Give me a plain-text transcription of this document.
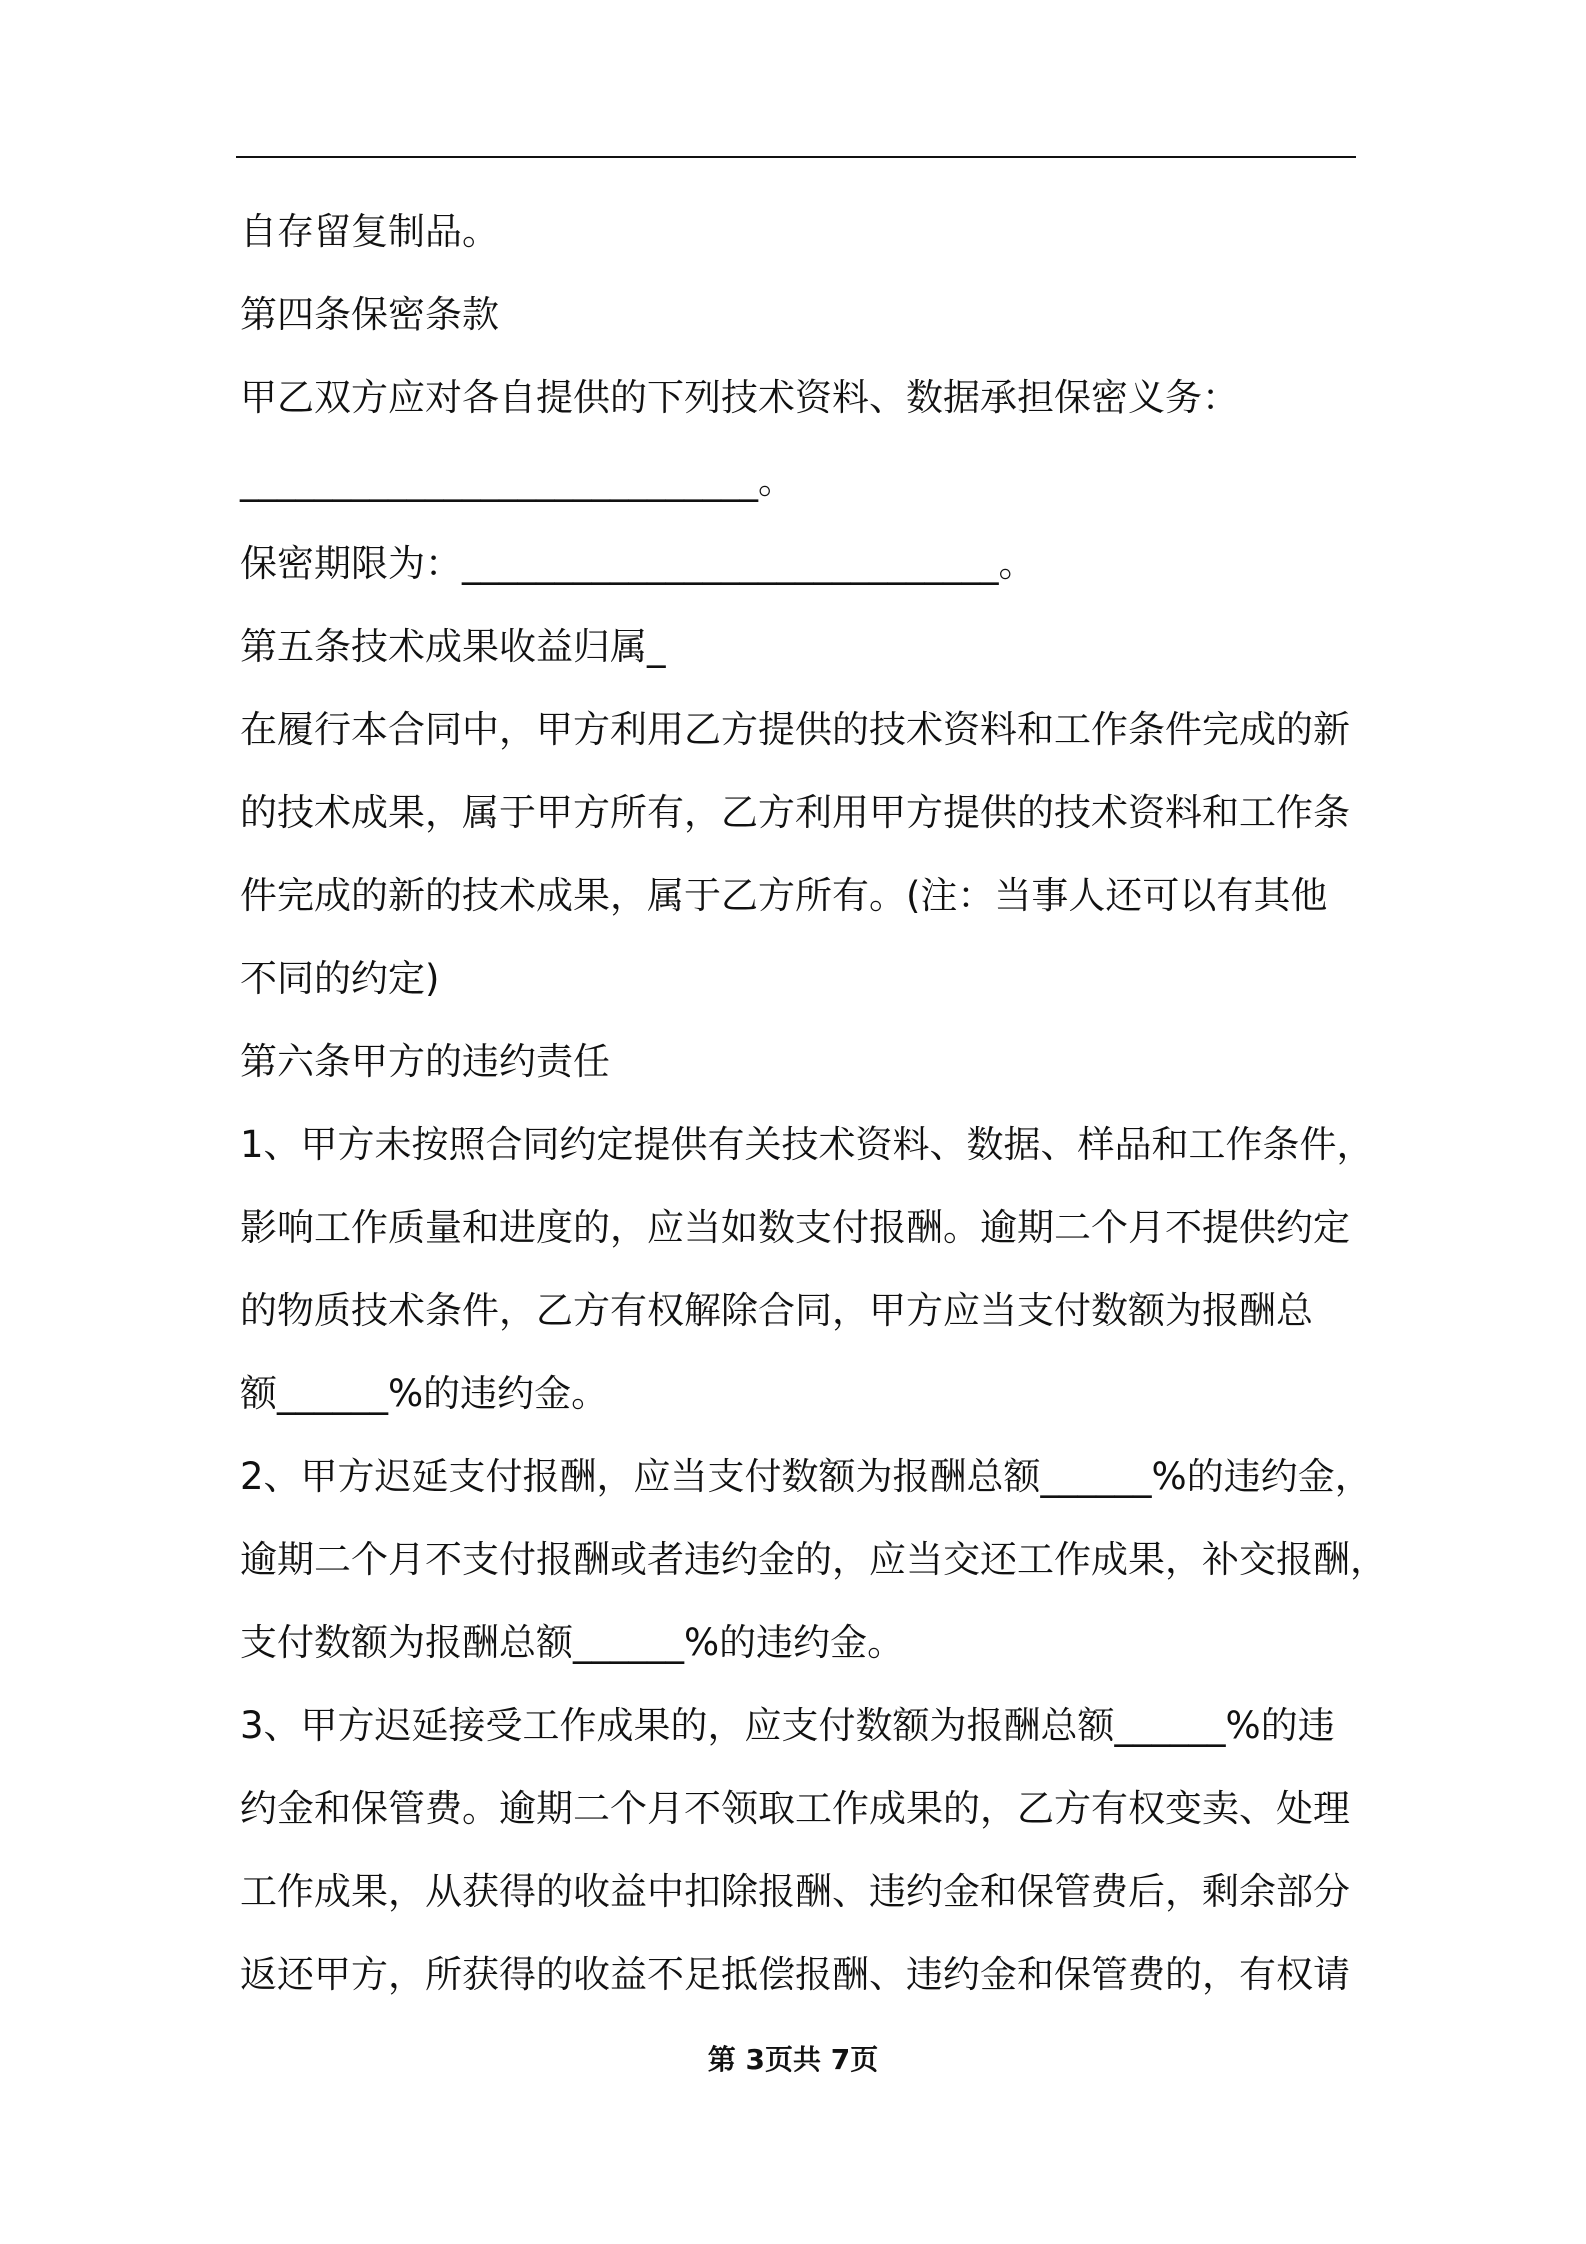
自存留复制品。
第四条保密条款
甲乙双方应对各自提供的下列技术资料、数据承担保密义务：
____________________________。
保密期限为：_____________________________。
第五条技术成果收益归属_
在履行本合同中，甲方利用乙方提供的技术资料和工作条件完成的新
的技术成果，属于甲方所有，乙方利用甲方提供的技术资料和工作条
件完成的新的技术成果，属于乙方所有。(注：当事人还可以有其他
不同的约定)
第六条甲方的违约责任
1、甲方未按照合同约定提供有关技术资料、数据、样品和工作条件，
影响工作质量和进度的，应当如数支付报酬。逾期二个月不提供约定
的物质技术条件，乙方有权解除合同，甲方应当支付数额为报酬总
额______%的违约金。
2、甲方迟延支付报酬，应当支付数额为报酬总额______%的违约金，
逾期二个月不支付报酬或者违约金的，应当交还工作成果，补交报酬，
支付数额为报酬总额______%的违约金。
3、甲方迟延接受工作成果的，应支付数额为报酬总额______%的违
约金和保管费。逾期二个月不领取工作成果的，乙方有权变卖、处理
工作成果，从获得的收益中扣除报酬、违约金和保管费后，剩余部分
返还甲方，所获得的收益不足抵偿报酬、违约金和保管费的，有权请
第 3页共 7页
